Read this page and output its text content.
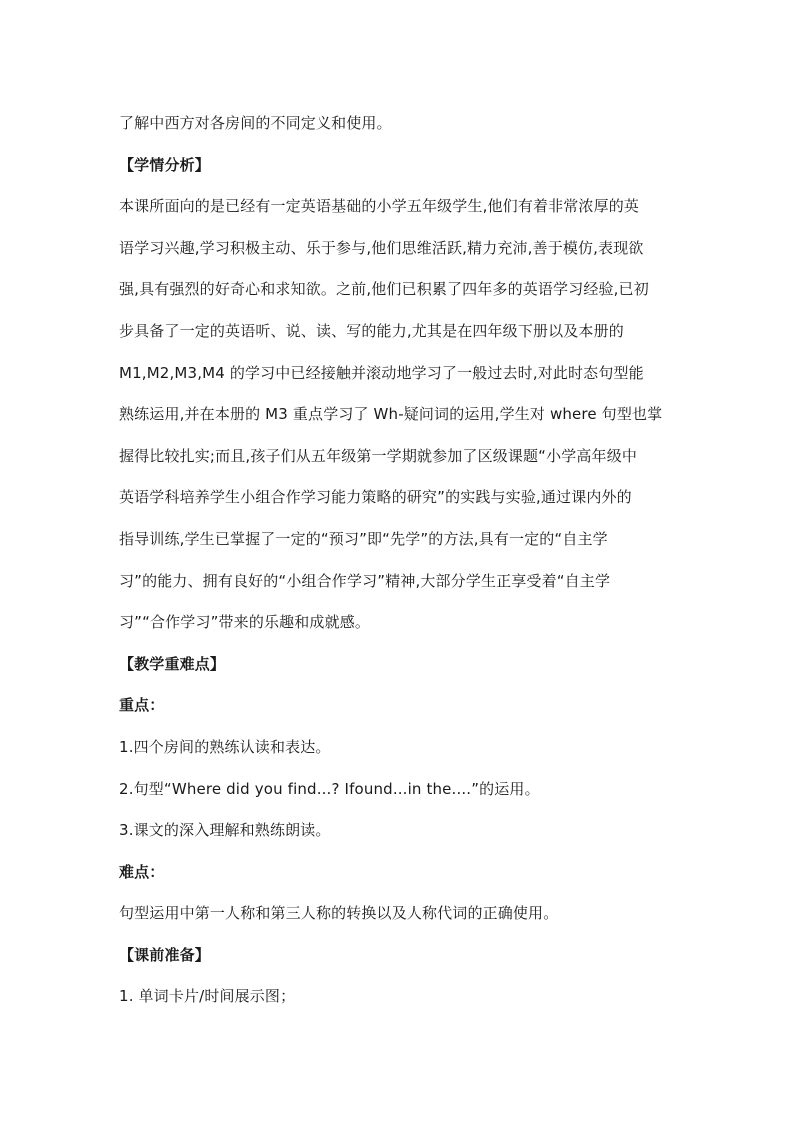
了解中西方对各房间的不同定义和使用。
【学情分析】
本课所面向的是已经有一定英语基础的小学五年级学生,他们有着非常浓厚的英
语学习兴趣,学习积极主动、乐于参与,他们思维活跃,精力充沛,善于模仿,表现欲
强,具有强烈的好奇心和求知欲。之前,他们已积累了四年多的英语学习经验,已初
步具备了一定的英语听、说、读、写的能力,尤其是在四年级下册以及本册的
M1,M2,M3,M4 的学习中已经接触并滚动地学习了一般过去时,对此时态句型能
熟练运用,并在本册的 M3 重点学习了 Wh-疑问词的运用,学生对 where 句型也掌
握得比较扎实;而且,孩子们从五年级第一学期就参加了区级课题“小学高年级中
英语学科培养学生小组合作学习能力策略的研究”的实践与实验,通过课内外的
指导训练,学生已掌握了一定的“预习”即“先学”的方法,具有一定的“自主学
习”的能力、拥有良好的“小组合作学习”精神,大部分学生正享受着“自主学
习”“合作学习”带来的乐趣和成就感。
【教学重难点】
重点：
1.四个房间的熟练认读和表达。
2.句型“Where did you find...? Ifound...in the....”的运用。
3.课文的深入理解和熟练朗读。
难点：
句型运用中第一人称和第三人称的转换以及人称代词的正确使用。
【课前准备】
1. 单词卡片/时间展示图；
